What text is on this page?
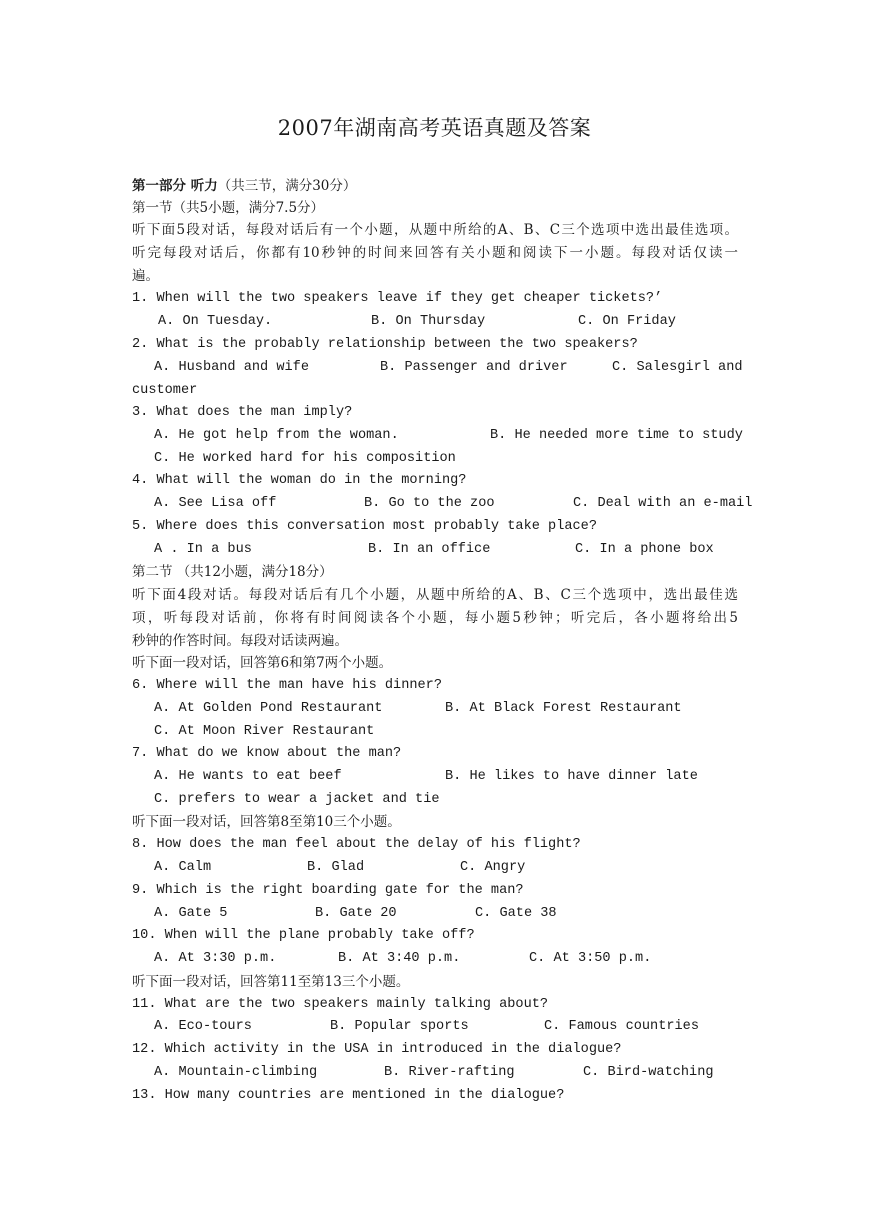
2007年湖南高考英语真题及答案
第一部分 听力（共三节，满分30分）
第一节（共5小题，满分7.5分）
听下面5段对话，每段对话后有一个小题，从题中所给的A、B、C三个选项中选出最佳选项。
听完每段对话后，你都有10秒钟的时间来回答有关小题和阅读下一小题。每段对话仅读一
遍。
1. When will the two speakers leave if they get cheaper tickets?’
A. On Tuesday.	B. On Thursday	C. On Friday
2. What is the probably relationship between the two speakers?
A. Husband and wife	B. Passenger and driver	C. Salesgirl and
customer
3. What does the man imply?
A. He got help from the woman.	B. He needed more time to study
C. He worked hard for his composition
4. What will the woman do in the morning?
A. See Lisa off	B. Go to the zoo	C. Deal with an e-mail
5. Where does this conversation most probably take place?
A . In a bus	B. In an office	C. In a phone box
第二节 （共12小题，满分18分）
听下面4段对话。每段对话后有几个小题，从题中所给的A、B、C三个选项中，选出最佳选
项，听每段对话前，你将有时间阅读各个小题，每小题5秒钟；听完后，各小题将给出5
秒钟的作答时间。每段对话读两遍。
听下面一段对话，回答第6和第7两个小题。
6. Where will the man have his dinner?
A. At Golden Pond Restaurant	B. At Black Forest Restaurant
C. At Moon River Restaurant
7. What do we know about the man?
A. He wants to eat beef	B. He likes to have dinner late
C. prefers to wear a jacket and tie
听下面一段对话，回答第8至第10三个小题。
8. How does the man feel about the delay of his flight?
A. Calm	B. Glad	C. Angry
9. Which is the right boarding gate for the man?
A. Gate 5	B. Gate 20	C. Gate 38
10. When will the plane probably take off?
A. At 3:30 p.m.	B. At 3:40 p.m.	C. At 3:50 p.m.
听下面一段对话，回答第11至第13三个小题。
11. What are the two speakers mainly talking about?
A. Eco-tours	B. Popular sports	C. Famous countries
12. Which activity in the USA in introduced in the dialogue?
A. Mountain-climbing	B. River-rafting	C. Bird-watching
13. How many countries are mentioned in the dialogue?
